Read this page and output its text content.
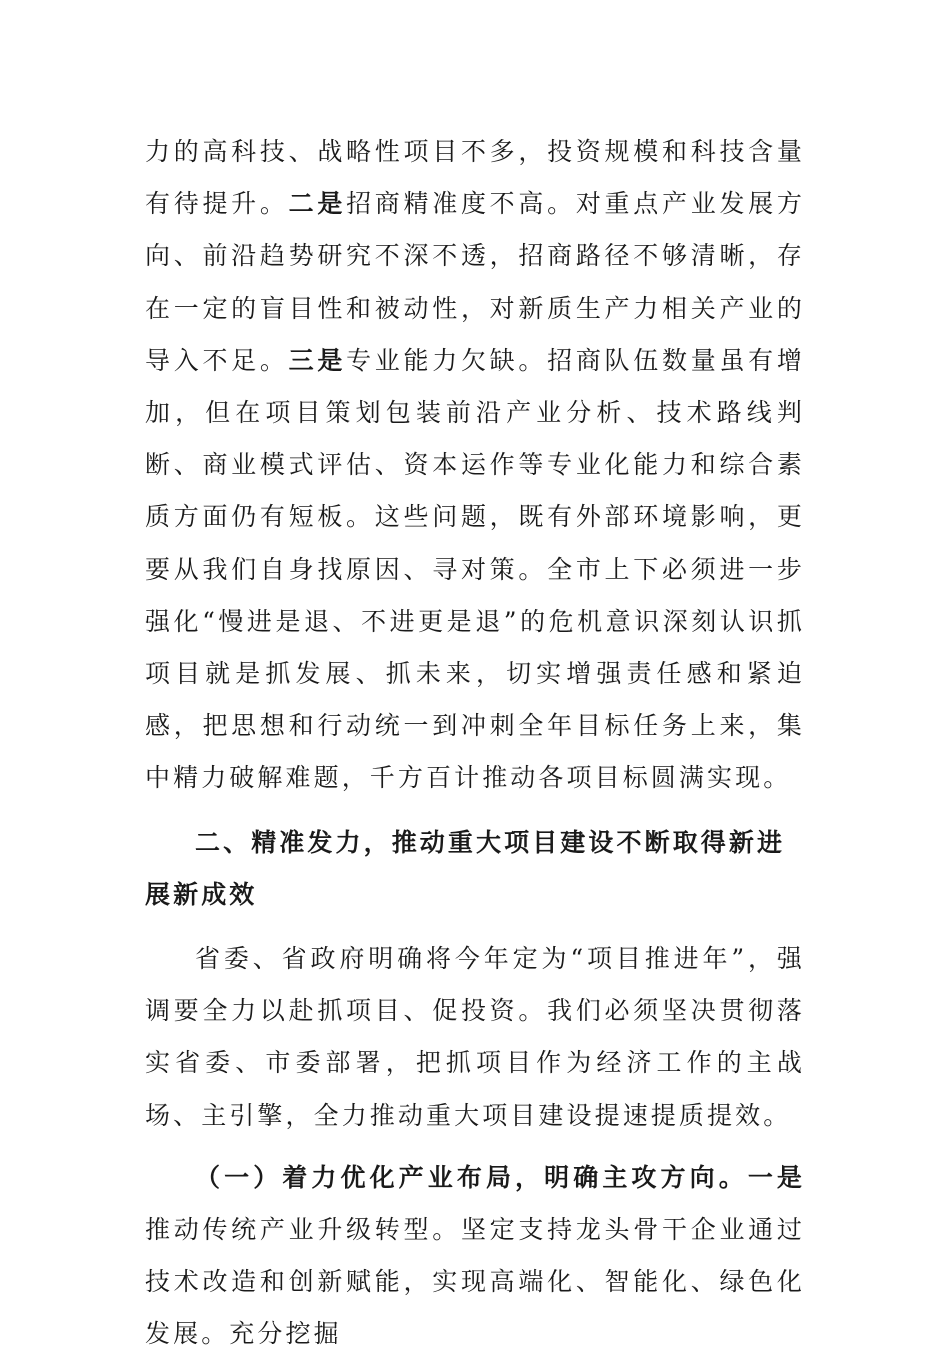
力的高科技、战略性项目不多，投资规模和科技含量有待提升。二是招商精准度不高。对重点产业发展方向、前沿趋势研究不深不透，招商路径不够清晰，存在一定的盲目性和被动性，对新质生产力相关产业的导入不足。三是专业能力欠缺。招商队伍数量虽有增加，但在项目策划包装前沿产业分析、技术路线判断、商业模式评估、资本运作等专业化能力和综合素质方面仍有短板。这些问题，既有外部环境影响，更要从我们自身找原因、寻对策。全市上下必须进一步强化“慢进是退、不进更是退”的危机意识深刻认识抓项目就是抓发展、抓未来，切实增强责任感和紧迫感，把思想和行动统一到冲刺全年目标任务上来，集中精力破解难题，千方百计推动各项目标圆满实现。

二、精准发力，推动重大项目建设不断取得新进展新成效

省委、省政府明确将今年定为“项目推进年”，强调要全力以赴抓项目、促投资。我们必须坚决贯彻落实省委、市委部署，把抓项目作为经济工作的主战场、主引擎，全力推动重大项目建设提速提质提效。

（一）着力优化产业布局，明确主攻方向。一是推动传统产业升级转型。坚定支持龙头骨干企业通过技术改造和创新赋能，实现高端化、智能化、绿色化发展。充分挖掘
